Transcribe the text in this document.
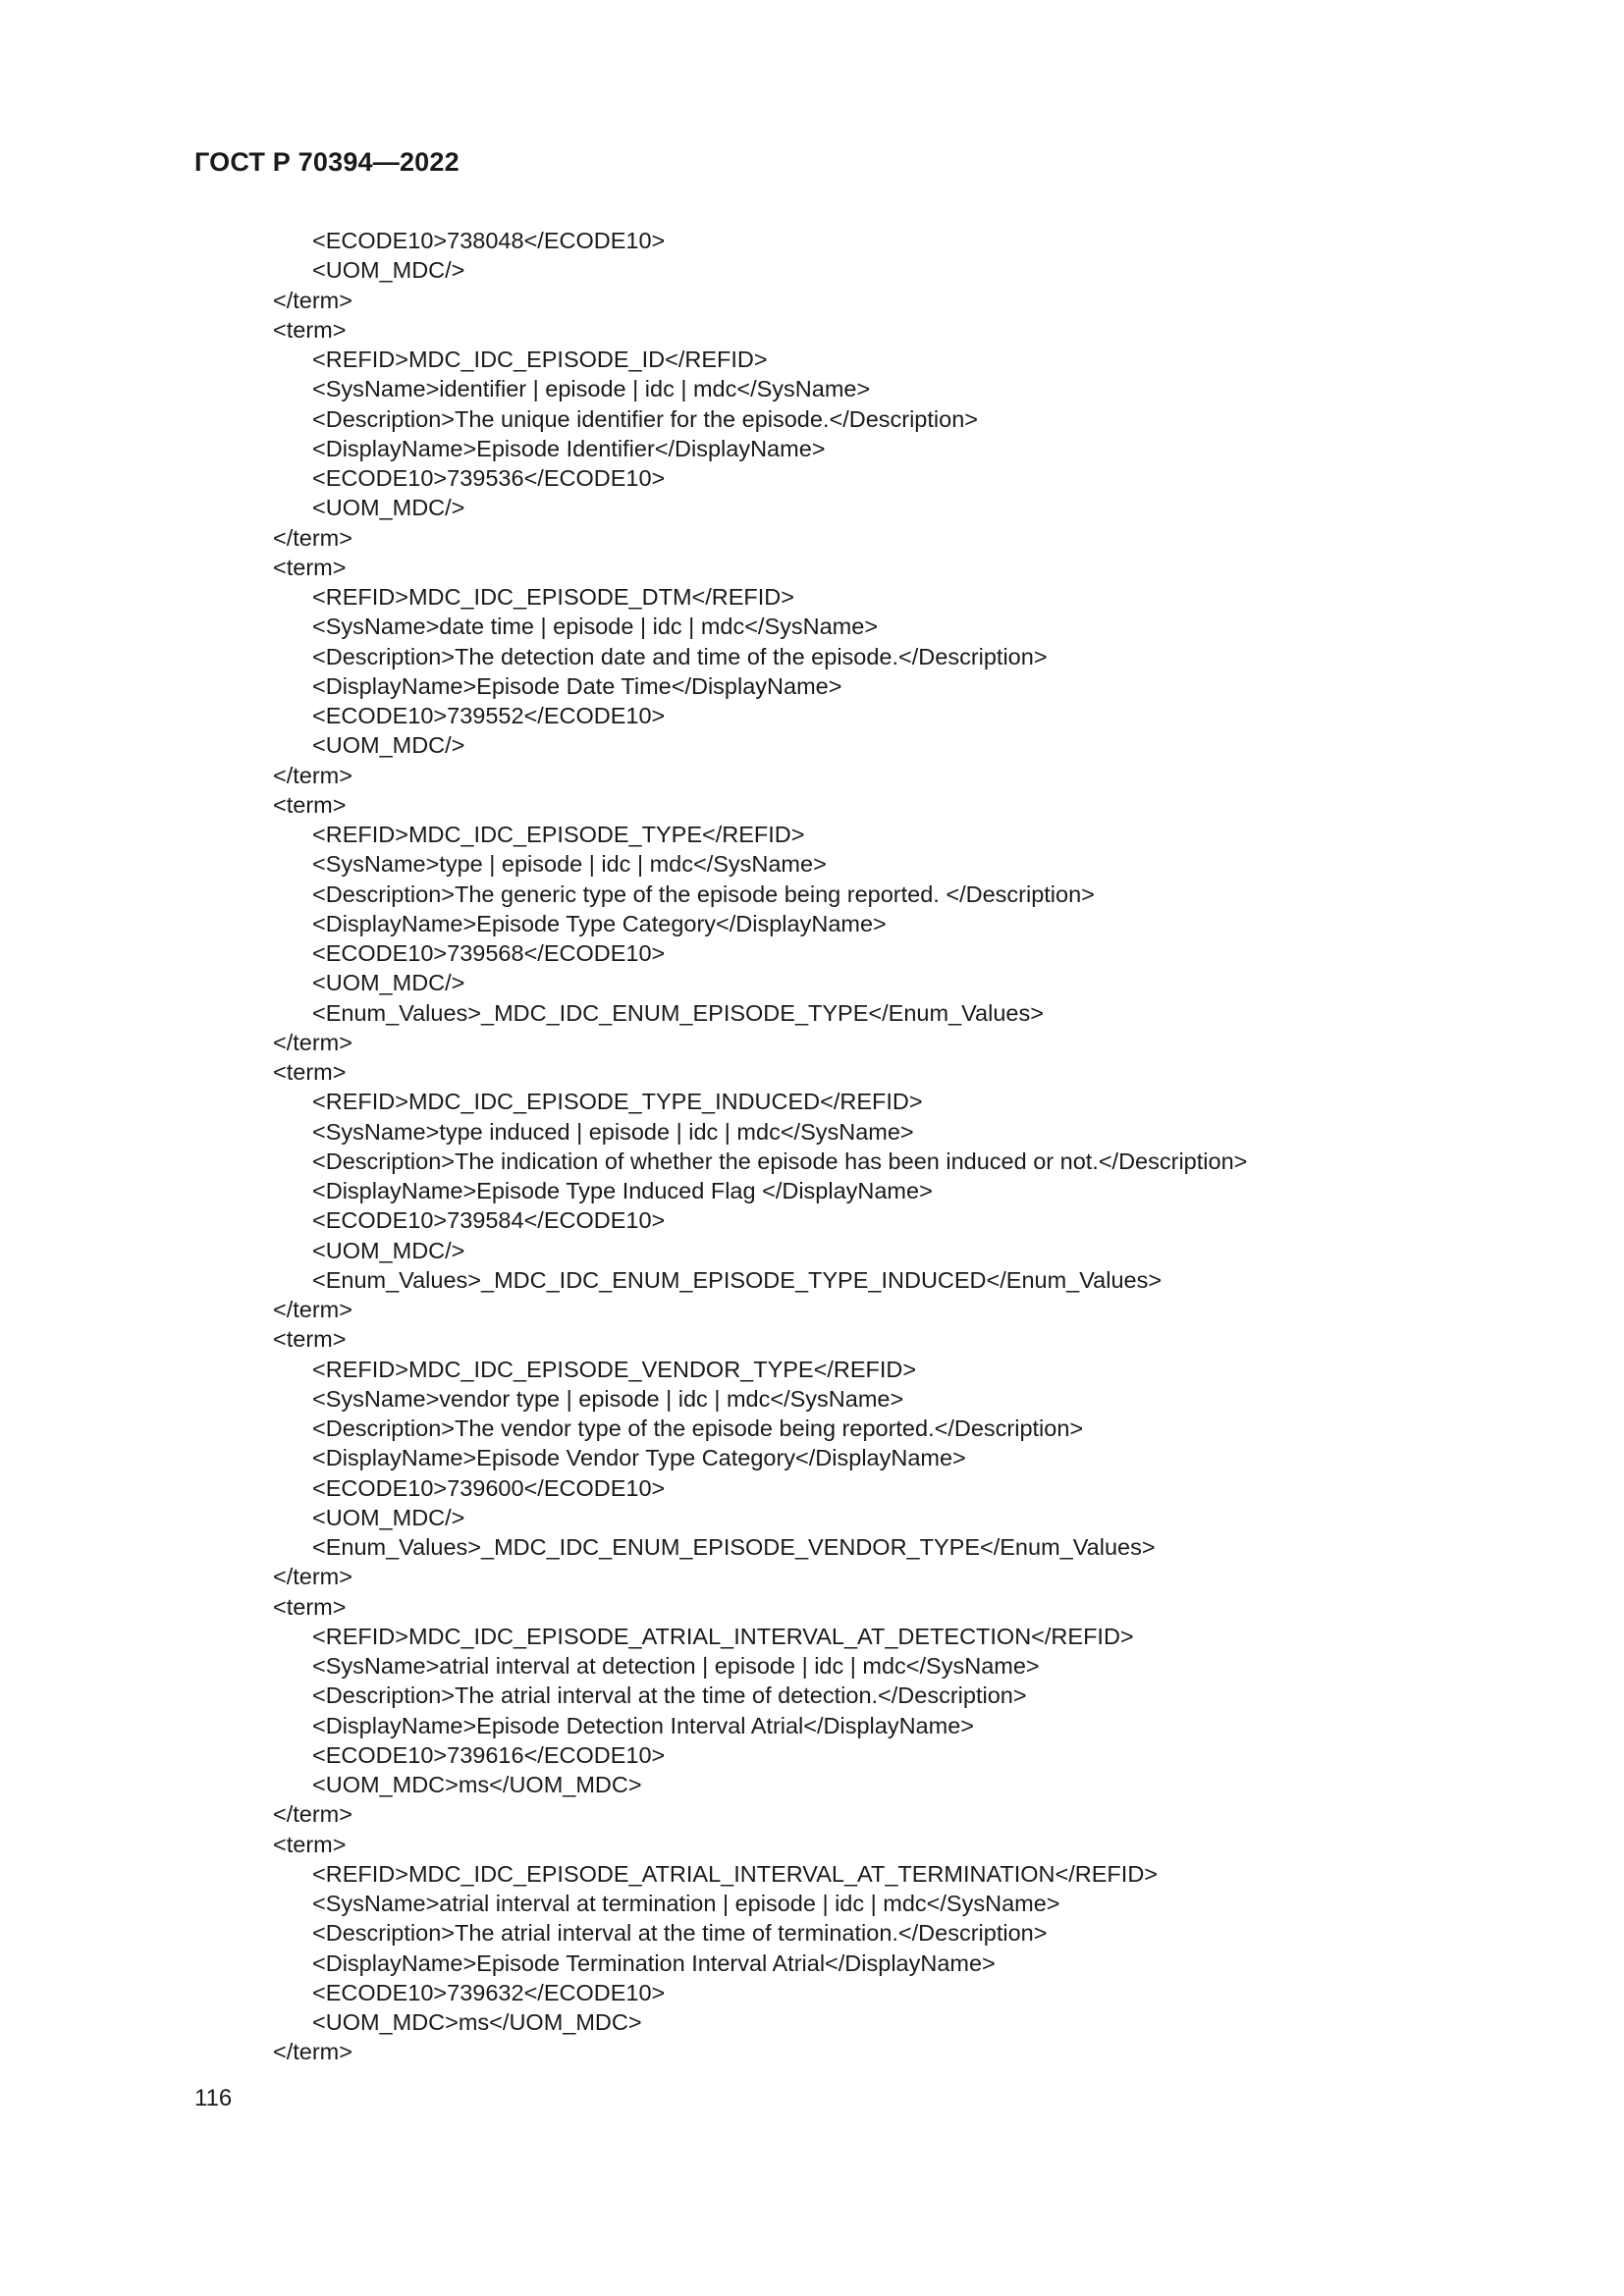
ГОСТ Р 70394—2022
<ECODE10>738048</ECODE10>
<UOM_MDC/>
</term>
<term>
<REFID>MDC_IDC_EPISODE_ID</REFID>
<SysName>identifier | episode | idc | mdc</SysName>
<Description>The unique identifier for the episode.</Description>
<DisplayName>Episode Identifier</DisplayName>
<ECODE10>739536</ECODE10>
<UOM_MDC/>
</term>
<term>
<REFID>MDC_IDC_EPISODE_DTM</REFID>
<SysName>date time | episode | idc | mdc</SysName>
<Description>The detection date and time of the episode.</Description>
<DisplayName>Episode Date Time</DisplayName>
<ECODE10>739552</ECODE10>
<UOM_MDC/>
</term>
<term>
<REFID>MDC_IDC_EPISODE_TYPE</REFID>
<SysName>type | episode | idc | mdc</SysName>
<Description>The generic type of the episode being reported. </Description>
<DisplayName>Episode Type Category</DisplayName>
<ECODE10>739568</ECODE10>
<UOM_MDC/>
<Enum_Values>_MDC_IDC_ENUM_EPISODE_TYPE</Enum_Values>
</term>
<term>
<REFID>MDC_IDC_EPISODE_TYPE_INDUCED</REFID>
<SysName>type induced | episode | idc | mdc</SysName>
<Description>The indication of whether the episode has been induced or not.</Description>
<DisplayName>Episode Type Induced Flag </DisplayName>
<ECODE10>739584</ECODE10>
<UOM_MDC/>
<Enum_Values>_MDC_IDC_ENUM_EPISODE_TYPE_INDUCED</Enum_Values>
</term>
<term>
<REFID>MDC_IDC_EPISODE_VENDOR_TYPE</REFID>
<SysName>vendor type | episode | idc | mdc</SysName>
<Description>The vendor type of the episode being reported.</Description>
<DisplayName>Episode Vendor Type Category</DisplayName>
<ECODE10>739600</ECODE10>
<UOM_MDC/>
<Enum_Values>_MDC_IDC_ENUM_EPISODE_VENDOR_TYPE</Enum_Values>
</term>
<term>
<REFID>MDC_IDC_EPISODE_ATRIAL_INTERVAL_AT_DETECTION</REFID>
<SysName>atrial interval at detection | episode | idc | mdc</SysName>
<Description>The atrial interval at the time of detection.</Description>
<DisplayName>Episode Detection Interval Atrial</DisplayName>
<ECODE10>739616</ECODE10>
<UOM_MDC>ms</UOM_MDC>
</term>
<term>
<REFID>MDC_IDC_EPISODE_ATRIAL_INTERVAL_AT_TERMINATION</REFID>
<SysName>atrial interval at termination | episode | idc | mdc</SysName>
<Description>The atrial interval at the time of termination.</Description>
<DisplayName>Episode Termination Interval Atrial</DisplayName>
<ECODE10>739632</ECODE10>
<UOM_MDC>ms</UOM_MDC>
</term>
116
